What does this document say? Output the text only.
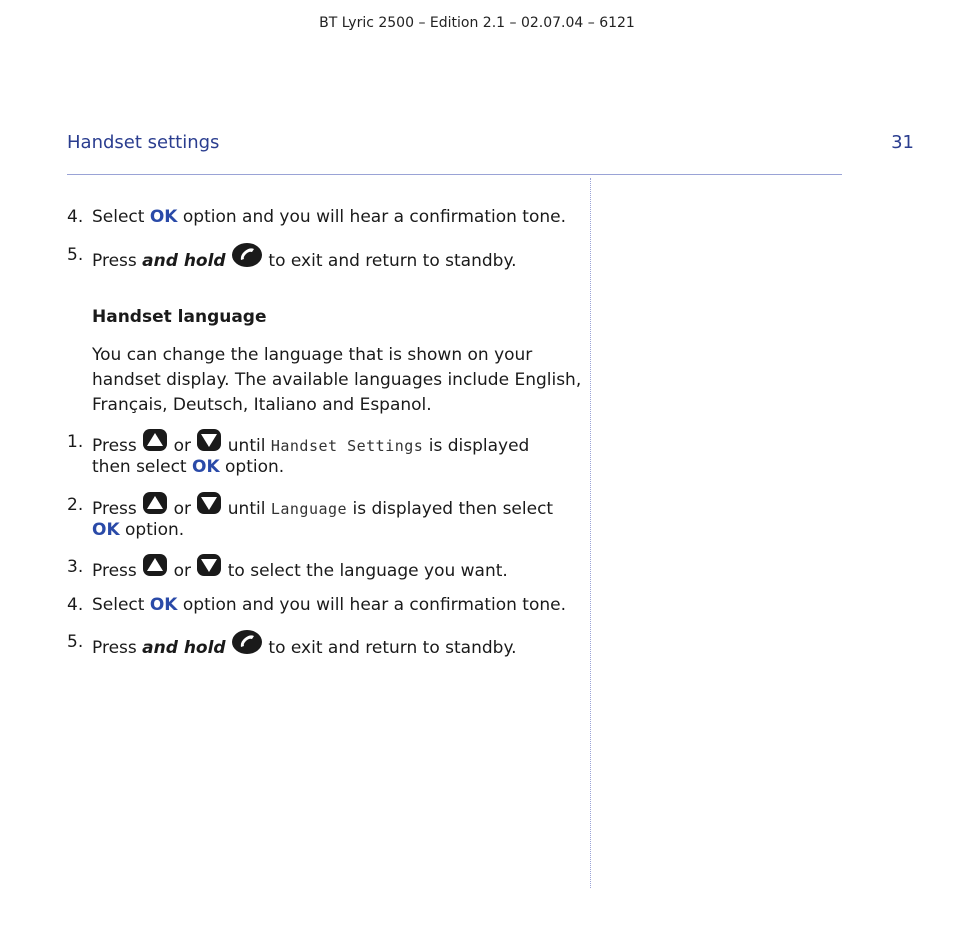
BT Lyric 2500 – Edition 2.1 – 02.07.04 – 6121
Handset settings	31
4. Select OK option and you will hear a confirmation tone.
5. Press and hold	to exit and return to standby.
Handset language
You can change the language that is shown on your
handset display. The available languages include English,
Français, Deutsch, Italiano and Espanol.
1. Press or until Handset Settings is displayed
then select OK option.
2. Press or until Language is displayed then select
OK option.
3. Press or to select the language you want.
4. Select OK option and you will hear a confirmation tone.
5. Press and hold	to exit and return to standby.
